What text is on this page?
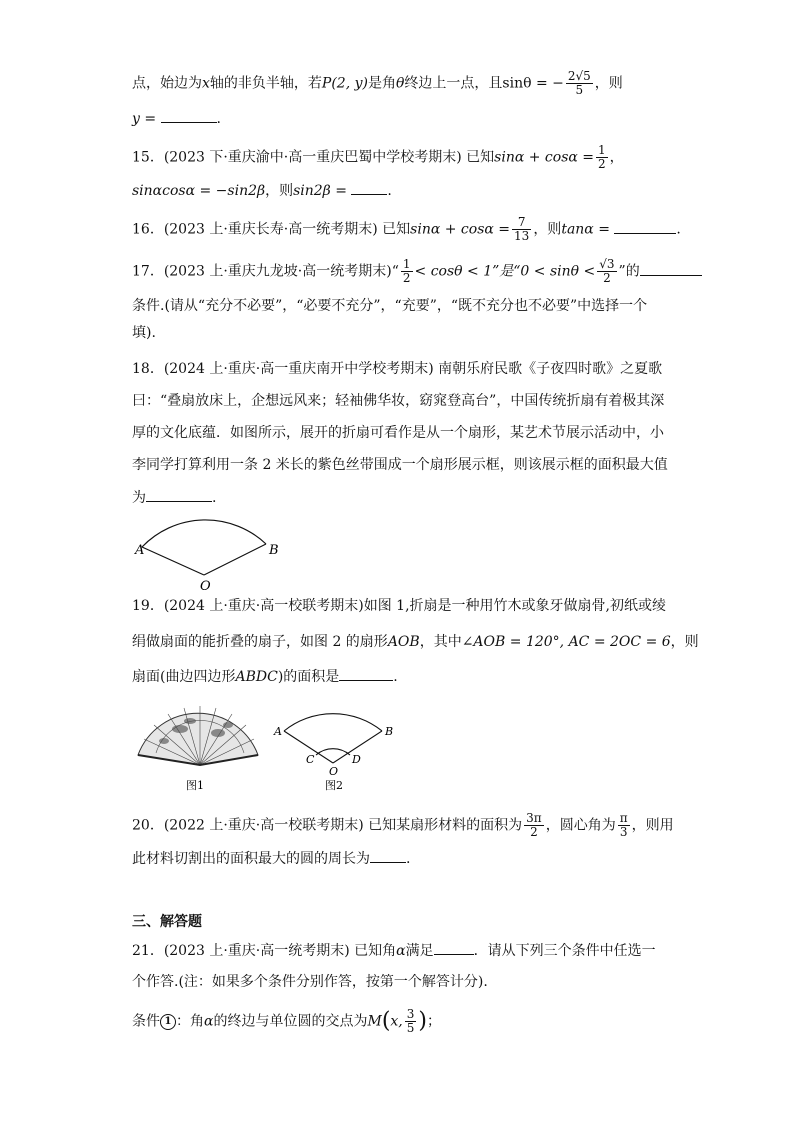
点，始边为x轴的非负半轴，若P(2, y)是角θ终边上一点，且sinθ = − $\frac{2√5}{5}$ ，则
y =	.
15．(2023 下·重庆渝中·高一重庆巴蜀中学校考期末) 已知$\sin\alpha + \cos\alpha = \frac{1}{2}$ ，
sinαcosα = −sin2β，则sin2β =	.
16．(2023 上·重庆长寿·高一统考期末) 已知$\sin\alpha + \cos\alpha = \frac{7}{13}$ ，则tanα =	.
17．(2023 上·重庆九龙坡·高一统考期末)“ $\frac{1}{2} < \cos\theta < 1$”是“$0 < \sin\theta < \frac{√3}{2}$ ”的
条件.(请从“充分不必要”，“必要不充分”，“充要”，“既不充分也不必要”中选择一个
填).
18．(2024 上·重庆·高一重庆南开中学校考期末) 南朝乐府民歌《子夜四时歌》之夏歌
曰：“叠扇放床上，企想远风来；轻袖佛华妆，窈窕登高台”，中国传统折扇有着极其深
厚的文化底蕴．如图所示，展开的折扇可看作是从一个扇形，某艺术节展示活动中，小
李同学打算利用一条 2 米长的紫色丝带围成一个扇形展示框，则该展示框的面积最大值
为	.
A	B
O
19．(2024 上·重庆·高一校联考期末)如图 1,折扇是一种用竹木或象牙做扇骨,初纸或绫
绢做扇面的能折叠的扇子，如图 2 的扇形AOB，其中∠AOB = 120°, AC = 2OC = 6，则
扇面(曲边四边形ABDC)的面积是	.
图1
A	B
C	D
O
图2
20．(2022 上·重庆·高一校联考期末) 已知某扇形材料的面积为 $\frac{3\pi}{2}$ ，圆心角为 $\frac{\pi}{3}$ ，则用
此材料切割出的面积最大的圆的周长为	.
三、解答题
21．(2023 上·重庆·高一统考期末) 已知角α满足	．请从下列三个条件中任选一
个作答.(注：如果多个条件分别作答，按第一个解答计分).
条件 1 ：角α的终边与单位圆的交点为M(x, $\frac{3}{5}$ )；
